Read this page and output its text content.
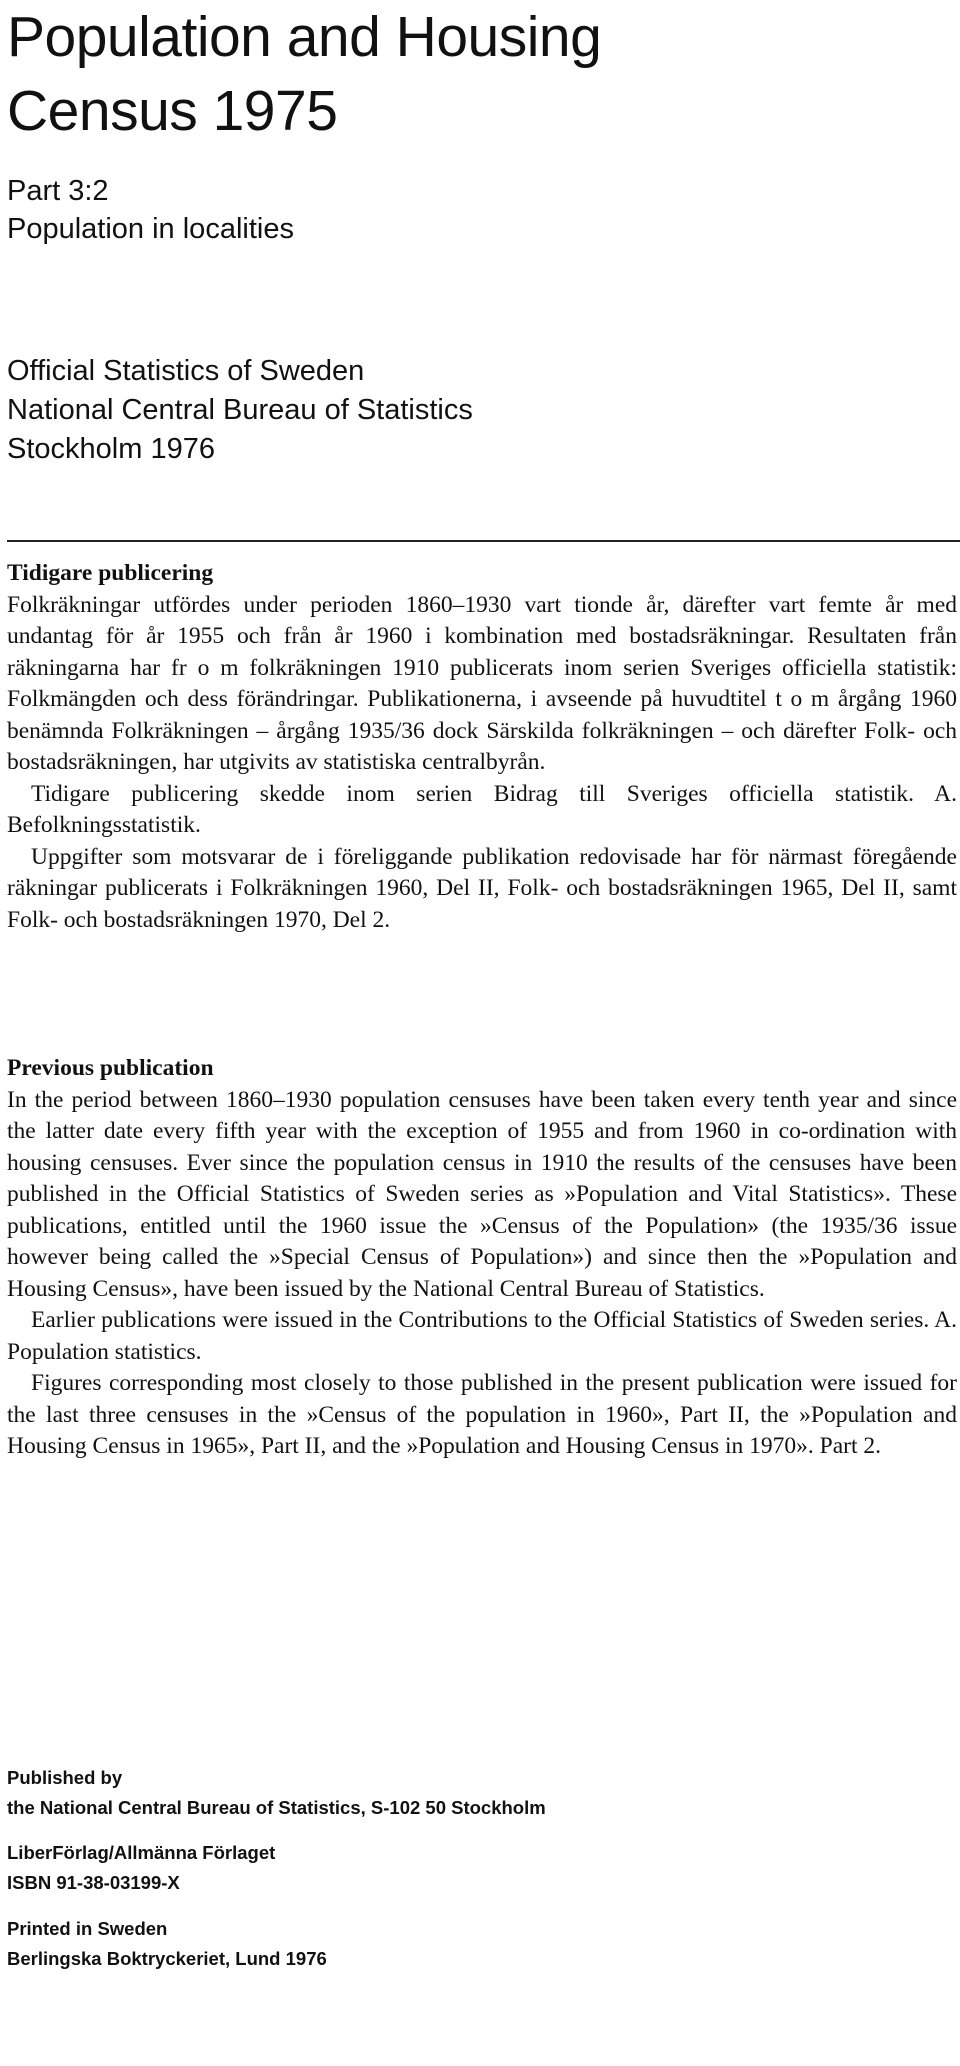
Population and Housing
Census 1975

Part 3:2

Population in localities

Official Statistics of Sweden

National Central Bureau of Statistics

Stockholm 1976

Tidigare publicering

Folkräkningar utfördes under perioden 1860–1930 vart tionde år, därefter vart femte år med undantag för år 1955 och från år 1960 i kombination med bostadsräkningar. Resultaten från räkningarna har fr o m folkräkningen 1910 publicerats inom serien Sveriges officiella statistik: Folkmängden och dess förändringar. Publikationerna, i avseende på huvudtitel t o m årgång 1960 benämnda Folkräkningen – årgång 1935/36 dock Särskilda folkräkningen – och därefter Folk- och bostadsräkningen, har utgivits av statistiska centralbyrån.

Tidigare publicering skedde inom serien Bidrag till Sveriges officiella statistik. A. Befolkningsstatistik.

Uppgifter som motsvarar de i föreliggande publikation redovisade har för närmast föregående räkningar publicerats i Folkräkningen 1960, Del II, Folk- och bostadsräkningen 1965, Del II, samt Folk- och bostadsräkningen 1970, Del 2.

Previous publication

In the period between 1860–1930 population censuses have been taken every tenth year and since the latter date every fifth year with the exception of 1955 and from 1960 in co-ordination with housing censuses. Ever since the population census in 1910 the results of the censuses have been published in the Official Statistics of Sweden series as »Population and Vital Statistics». These publications, entitled until the 1960 issue the »Census of the Population» (the 1935/36 issue however being called the »Special Census of Population») and since then the »Population and Housing Census», have been issued by the National Central Bureau of Statistics.

Earlier publications were issued in the Contributions to the Official Statistics of Sweden series. A. Population statistics.

Figures corresponding most closely to those published in the present publication were issued for the last three censuses in the »Census of the population in 1960», Part II, the »Population and Housing Census in 1965», Part II, and the »Population and Housing Census in 1970». Part 2.

Published by

the National Central Bureau of Statistics, S-102 50 Stockholm

LiberFörlag/Allmänna Förlaget

ISBN 91-38-03199-X

Printed in Sweden

Berlingska Boktryckeriet, Lund 1976
